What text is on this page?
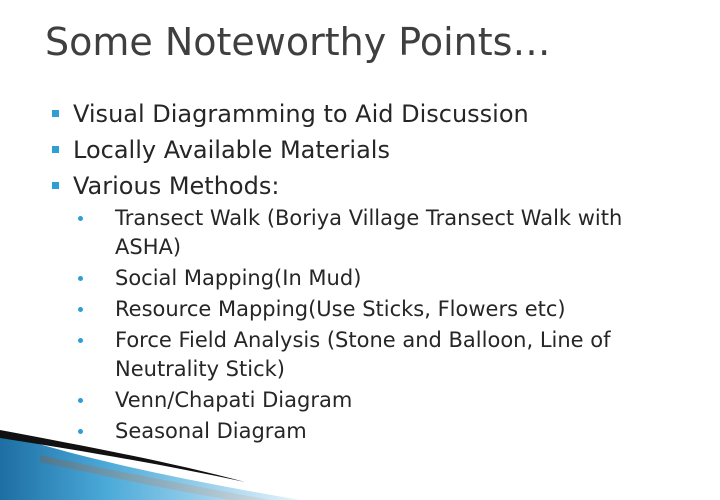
Some Noteworthy Points…
Visual Diagramming to Aid Discussion
Locally Available Materials
Various Methods:
Transect Walk (Boriya Village Transect Walk with ASHA)
Social Mapping(In Mud)
Resource Mapping(Use Sticks, Flowers etc)
Force Field Analysis (Stone and Balloon, Line of Neutrality Stick)
Venn/Chapati Diagram
Seasonal Diagram
